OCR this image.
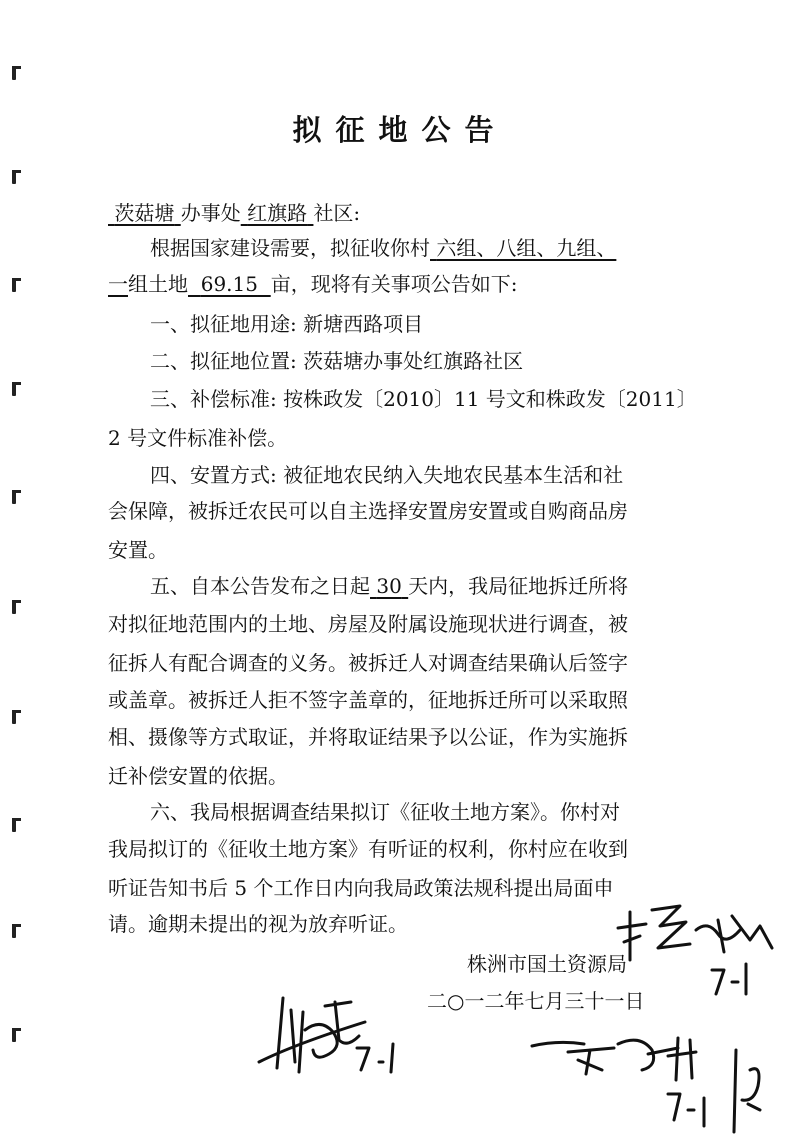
拟征地公告
茨菇塘 办事处 红旗路 社区:
根据国家建设需要，拟征收你村 六组、八组、九组、
一组土地 69.15 亩，现将有关事项公告如下:
一、拟征地用途: 新塘西路项目
二、拟征地位置: 茨菇塘办事处红旗路社区
三、补偿标准: 按株政发〔2010〕11 号文和株政发〔2011〕
2 号文件标准补偿。
四、安置方式: 被征地农民纳入失地农民基本生活和社
会保障，被拆迁农民可以自主选择安置房安置或自购商品房
安置。
五、自本公告发布之日起 30 天内，我局征地拆迁所将
对拟征地范围内的土地、房屋及附属设施现状进行调查，被
征拆人有配合调查的义务。被拆迁人对调查结果确认后签字
或盖章。被拆迁人拒不签字盖章的，征地拆迁所可以采取照
相、摄像等方式取证，并将取证结果予以公证，作为实施拆
迁补偿安置的依据。
六、我局根据调查结果拟订《征收土地方案》。你村对
我局拟订的《征收土地方案》有听证的权利，你村应在收到
听证告知书后 5 个工作日内向我局政策法规科提出局面申
请。逾期未提出的视为放弃听证。
株洲市国土资源局
二○一二年七月三十一日
